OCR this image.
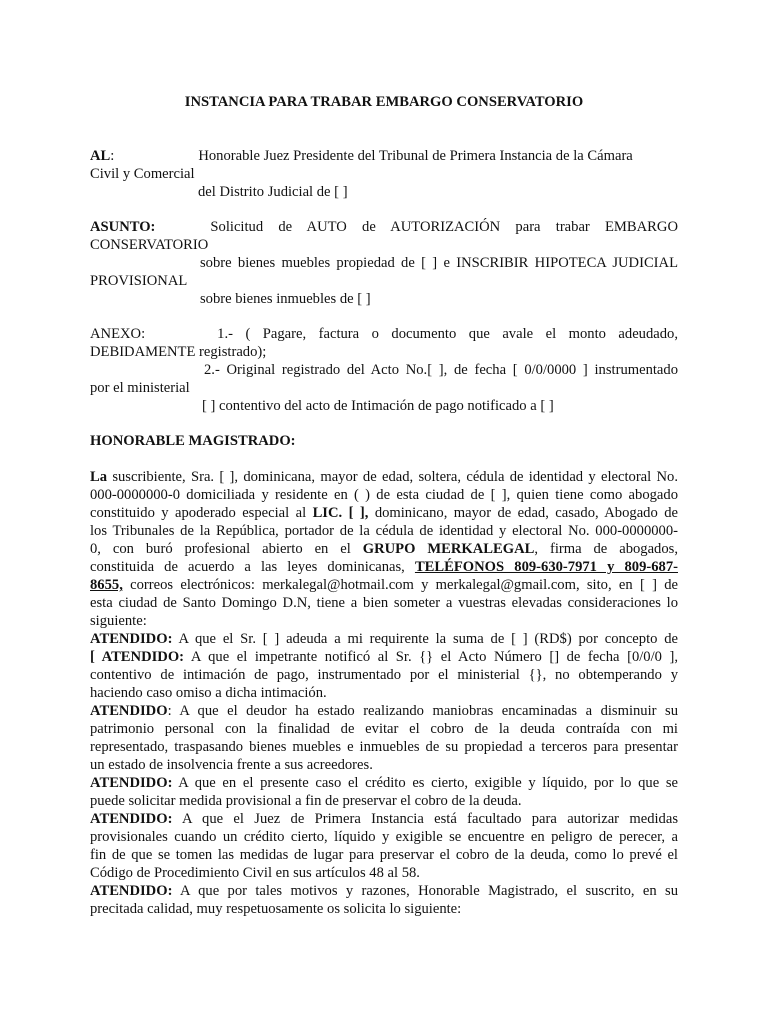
INSTANCIA PARA TRABAR EMBARGO CONSERVATORIO
AL:	Honorable Juez Presidente del Tribunal de Primera Instancia de la Cámara
Civil y Comercial
del Distrito Judicial de [ ]
ASUNTO:	Solicitud de AUTO de AUTORIZACIÓN para trabar EMBARGO
CONSERVATORIO
sobre bienes muebles propiedad de [ ] e INSCRIBIR HIPOTECA JUDICIAL
PROVISIONAL
sobre bienes inmuebles de [ ]
ANEXO:	1.- ( Pagare, factura o documento que avale el monto adeudado,
DEBIDAMENTE registrado);
2.- Original registrado del Acto No.[ ], de fecha [ 0/0/0000 ] instrumentado
por el ministerial
[ ] contentivo del acto de Intimación de pago notificado a [ ]
HONORABLE MAGISTRADO:
La suscribiente, Sra. [ ], dominicana, mayor de edad, soltera, cédula de identidad y electoral No.
000-0000000-0 domiciliada y residente en ( ) de esta ciudad de [ ], quien tiene como abogado
constituido y apoderado especial al LIC. [ ], dominicano, mayor de edad, casado, Abogado de
los Tribunales de la República, portador de la cédula de identidad y electoral No. 000-0000000-
0, con buró profesional abierto en el GRUPO MERKALEGAL, firma de abogados,
constituida de acuerdo a las leyes dominicanas, TELÉFONOS 809-630-7971 y 809-687-
8655, correos electrónicos: merkalegal@hotmail.com y merkalegal@gmail.com, sito, en [ ] de
esta ciudad de Santo Domingo D.N, tiene a bien someter a vuestras elevadas consideraciones lo
siguiente:
ATENDIDO: A que el Sr. [ ] adeuda a mi requirente la suma de [ ] (RD$) por concepto de
[ ATENDIDO: A que el impetrante notificó al Sr. {} el Acto Número [] de fecha [0/0/0 ],
contentivo de intimación de pago, instrumentado por el ministerial {}, no obtemperando y
haciendo caso omiso a dicha intimación.
ATENDIDO: A que el deudor ha estado realizando maniobras encaminadas a disminuir su
patrimonio personal con la finalidad de evitar el cobro de la deuda contraída con mi
representado, traspasando bienes muebles e inmuebles de su propiedad a terceros para presentar
un estado de insolvencia frente a sus acreedores.
ATENDIDO: A que en el presente caso el crédito es cierto, exigible y líquido, por lo que se
puede solicitar medida provisional a fin de preservar el cobro de la deuda.
ATENDIDO: A que el Juez de Primera Instancia está facultado para autorizar medidas
provisionales cuando un crédito cierto, líquido y exigible se encuentre en peligro de perecer, a
fin de que se tomen las medidas de lugar para preservar el cobro de la deuda, como lo prevé el
Código de Procedimiento Civil en sus artículos 48 al 58.
ATENDIDO: A que por tales motivos y razones, Honorable Magistrado, el suscrito, en su
precitada calidad, muy respetuosamente os solicita lo siguiente:
